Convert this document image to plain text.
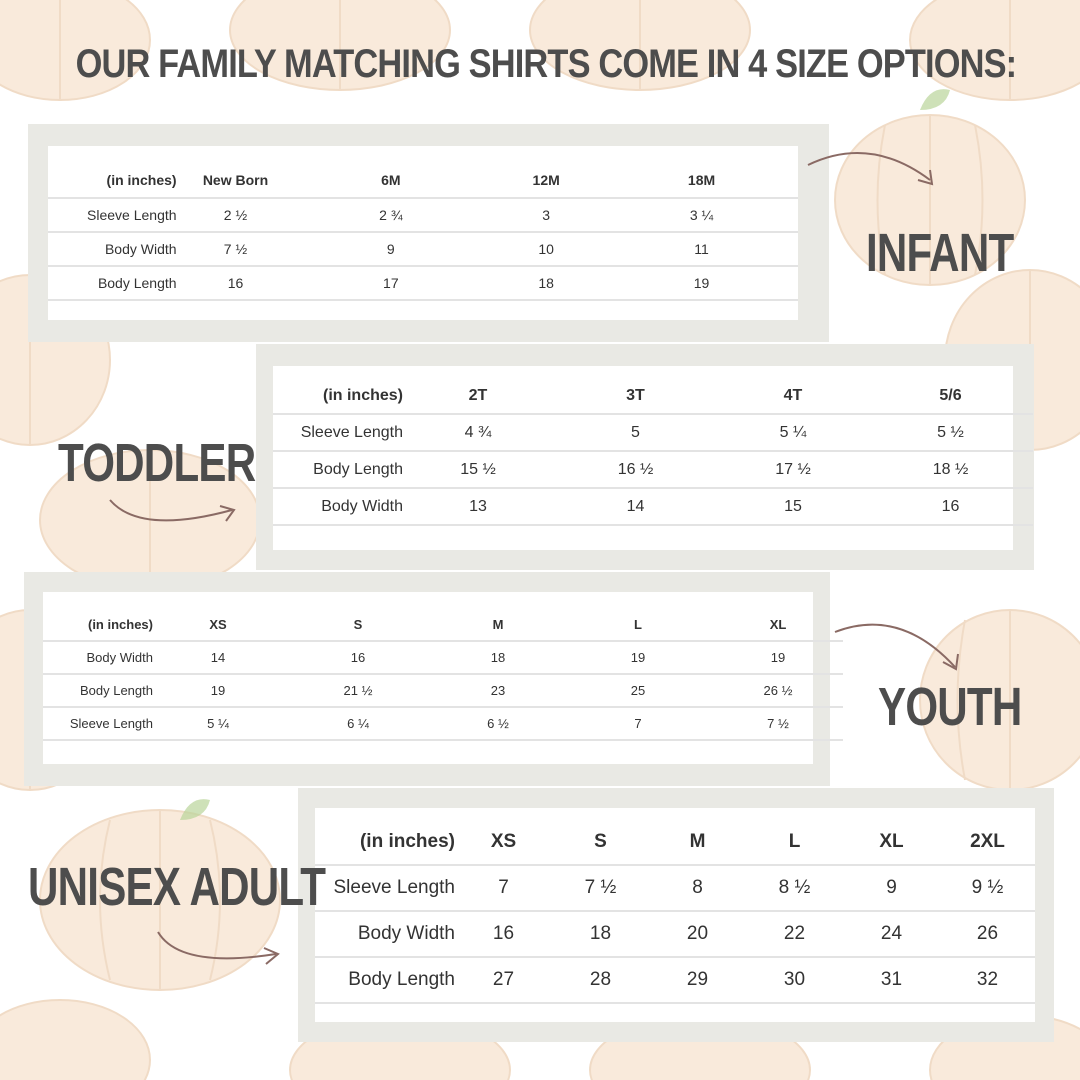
OUR FAMILY MATCHING SHIRTS COME IN 4 SIZE OPTIONS:
(in inches)	New Born	6M	12M	18M
Sleeve Length	2 ½	2 ¾	3	3 ¼
Body Width	7 ½	9	10	11
Body Length	16	17	18	19	INFANT
(in inches)	2T	3T	4T	5/6
Sleeve Length	4 ¾	5	5 ¼	5 ½
Body Length	15 ½	16 ½	17 ½	18 ½
Body Width	13	14	15	16
TODDLER
(in inches)	XS	S	M	L	XL
Body Width	14	16	18	19	19
Body Length	19	21 ½	23	25	26 ½
Sleeve Length	5 ¼	6 ¼	6 ½	7	7 ½ YOUTH
(in inches)	XS	S	M	L	XL	2XL
Sleeve Length	7	7 ½	8	8 ½	9	9 ½
Body Width	16	18	20	22	24	26
Body Length	27	28	29	30	31	32
UNISEX ADULT
